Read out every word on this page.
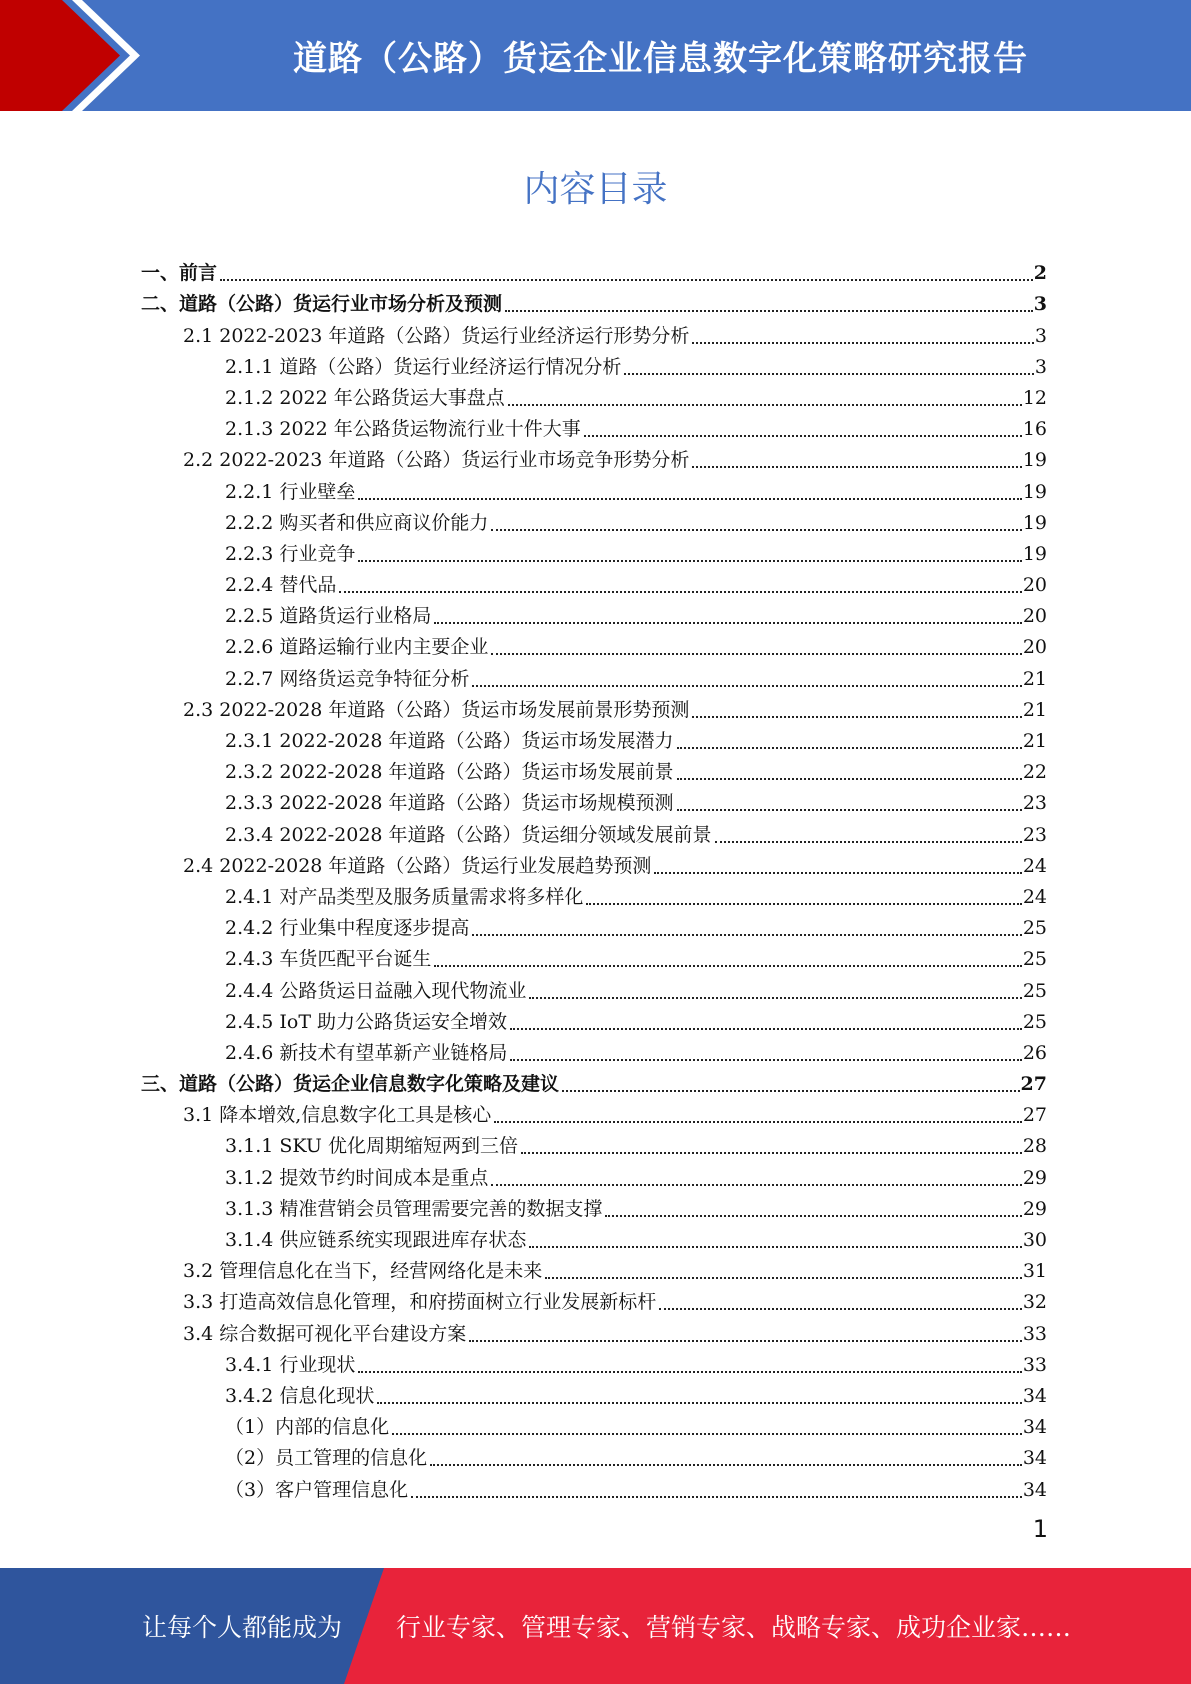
道路（公路）货运企业信息数字化策略研究报告
内容目录
一、前言	2
二、道路（公路）货运行业市场分析及预测	3
2.1 2022-2023 年道路（公路）货运行业经济运行形势分析	3
2.1.1 道路（公路）货运行业经济运行情况分析	3
2.1.2 2022 年公路货运大事盘点	12
2.1.3 2022 年公路货运物流行业十件大事	16
2.2 2022-2023 年道路（公路）货运行业市场竞争形势分析	19
2.2.1 行业壁垒	19
2.2.2 购买者和供应商议价能力	19
2.2.3 行业竞争	19
2.2.4 替代品	20
2.2.5 道路货运行业格局	20
2.2.6 道路运输行业内主要企业	20
2.2.7 网络货运竞争特征分析	21
2.3 2022-2028 年道路（公路）货运市场发展前景形势预测	21
2.3.1 2022-2028 年道路（公路）货运市场发展潜力	21
2.3.2 2022-2028 年道路（公路）货运市场发展前景	22
2.3.3 2022-2028 年道路（公路）货运市场规模预测	23
2.3.4 2022-2028 年道路（公路）货运细分领域发展前景	23
2.4 2022-2028 年道路（公路）货运行业发展趋势预测	24
2.4.1 对产品类型及服务质量需求将多样化	24
2.4.2 行业集中程度逐步提高	25
2.4.3 车货匹配平台诞生	25
2.4.4 公路货运日益融入现代物流业	25
2.4.5 IoT 助力公路货运安全增效	25
2.4.6 新技术有望革新产业链格局	26
三、道路（公路）货运企业信息数字化策略及建议	27
3.1 降本增效,信息数字化工具是核心	27
3.1.1 SKU 优化周期缩短两到三倍	28
3.1.2 提效节约时间成本是重点	29
3.1.3 精准营销会员管理需要完善的数据支撑	29
3.1.4 供应链系统实现跟进库存状态	30
3.2 管理信息化在当下，经营网络化是未来	31
3.3 打造高效信息化管理，和府捞面树立行业发展新标杆	32
3.4 综合数据可视化平台建设方案	33
3.4.1 行业现状	33
3.4.2 信息化现状	34
（1）内部的信息化	34
（2）员工管理的信息化	34
（3）客户管理信息化	34
1
让每个人都能成为 行业专家、管理专家、营销专家、战略专家、成功企业家……
